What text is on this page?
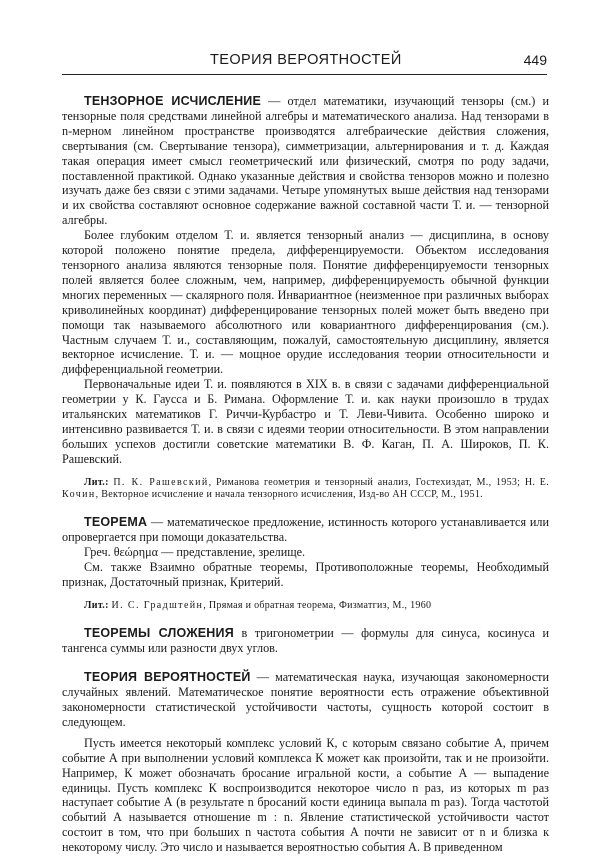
ТЕОРИЯ ВЕРОЯТНОСТЕЙ	449

ТЕНЗОРНОЕ ИСЧИСЛЕНИЕ — отдел математики, изучающий тензоры (см.) и тензорные поля средствами линейной алгебры и математического анализа. Над тензорами в n-мерном линейном пространстве производятся алгебраические действия сложения, свертывания (см. Свертывание тензора), симметризации, альтернирования и т. д. Каждая такая операция имеет смысл геометрический или физический, смотря по роду задачи, поставленной практикой. Однако указанные действия и свойства тензоров можно и полезно изучать даже без связи с этими задачами. Четыре упомянутых выше действия над тензорами и их свойства составляют основное содержание важной составной части Т. и. — тензорной алгебры.

Более глубоким отделом Т. и. является тензорный анализ — дисциплина, в основу которой положено понятие предела, дифференцируемости. Объектом исследования тензорного анализа являются тензорные поля. Понятие дифференцируемости тензорных полей является более сложным, чем, например, дифференцируемость обычной функции многих переменных — скалярного поля. Инвариантное (неизменное при различных выборах криволинейных координат) дифференцирование тензорных полей может быть введено при помощи так называемого абсолютного или ковариантного дифференцирования (см.). Частным случаем Т. и., составляющим, пожалуй, самостоятельную дисциплину, является векторное исчисление. Т. и. — мощное орудие исследования теории относительности и дифференциальной геометрии.

Первоначальные идеи Т. и. появляются в XIX в. в связи с задачами дифференциальной геометрии у К. Гаусса и Б. Римана. Оформление Т. и. как науки произошло в трудах итальянских математиков Г. Риччи-Курбастро и Т. Леви-Чивита. Особенно широко и интенсивно развивается Т. и. в связи с идеями теории относительности. В этом направлении больших успехов достигли советские математики В. Ф. Каган, П. А. Широков, П. К. Рашевский.

Лит.: П. К. Рашевский, Риманова геометрия и тензорный анализ, Гостехиздат, М., 1953; Н. Е. Кочин, Векторное исчисление и начала тензорного исчисления, Изд-во АН СССР, М., 1951.

ТЕОРЕМА — математическое предложение, истинность которого устанавливается или опровергается при помощи доказательства.

Греч. θεώρημα — представление, зрелище.

См. также Взаимно обратные теоремы, Противоположные теоремы, Необходимый признак, Достаточный признак, Критерий.

Лит.: И. С. Градштейн, Прямая и обратная теорема, Физматгиз, М., 1960

ТЕОРЕМЫ СЛОЖЕНИЯ в тригонометрии — формулы для синуса, косинуса и тангенса суммы или разности двух углов.

ТЕОРИЯ ВЕРОЯТНОСТЕЙ — математическая наука, изучающая закономерности случайных явлений. Математическое понятие вероятности есть отражение объективной закономерности статистической устойчивости частоты, сущность которой состоит в следующем.

Пусть имеется некоторый комплекс условий К, с которым связано событие А, причем событие А при выполнении условий комплекса К может как произойти, так и не произойти. Например, К может обозначать бросание игральной кости, а событие А — выпадение единицы. Пусть комплекс К воспроизводится некоторое число n раз, из которых m раз наступает событие А (в результате n бросаний кости единица выпала m раз). Тогда частотой событий А называется отношение m : n. Явление статистической устойчивости частот состоит в том, что при больших n частота события А почти не зависит от n и близка к некоторому числу. Это число и называется вероятностью события А. В приведенном
